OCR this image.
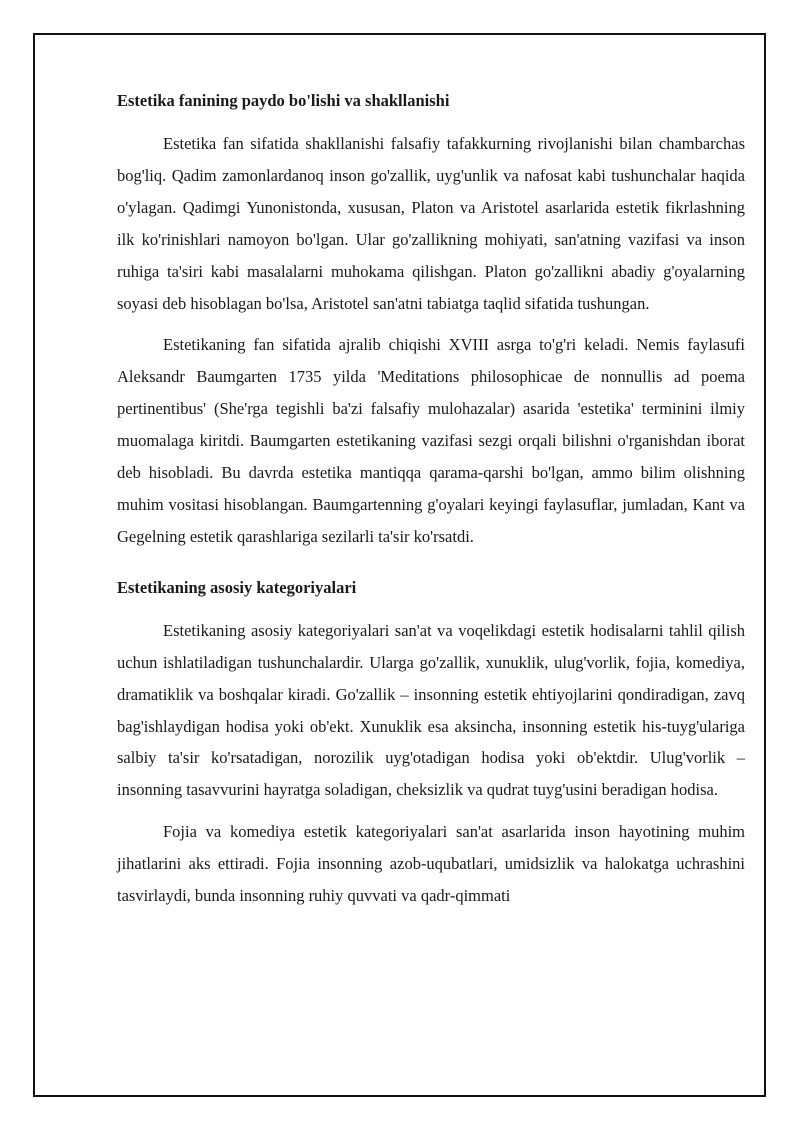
Estetika fanining paydo bo'lishi va shakllanishi

Estetika fan sifatida shakllanishi falsafiy tafakkurning rivojlanishi bilan chambarchas bog'liq. Qadim zamonlardanoq inson go'zallik, uyg'unlik va nafosat kabi tushunchalar haqida o'ylagan. Qadimgi Yunonistonda, xususan, Platon va Aristotel asarlarida estetik fikrlashning ilk ko'rinishlari namoyon bo'lgan. Ular go'zallikning mohiyati, san'atning vazifasi va inson ruhiga ta'siri kabi masalalarni muhokama qilishgan. Platon go'zallikni abadiy g'oyalarning soyasi deb hisoblagan bo'lsa, Aristotel san'atni tabiatga taqlid sifatida tushungan.

Estetikaning fan sifatida ajralib chiqishi XVIII asrga to'g'ri keladi. Nemis faylasufi Aleksandr Baumgarten 1735 yilda 'Meditations philosophicae de nonnullis ad poema pertinentibus' (She'rga tegishli ba'zi falsafiy mulohazalar) asarida 'estetika' terminini ilmiy muomalaga kiritdi. Baumgarten estetikaning vazifasi sezgi orqali bilishni o'rganishdan iborat deb hisobladi. Bu davrda estetika mantiqqa qarama-qarshi bo'lgan, ammo bilim olishning muhim vositasi hisoblangan. Baumgartenning g'oyalari keyingi faylasuflar, jumladan, Kant va Gegelning estetik qarashlariga sezilarli ta'sir ko'rsatdi.

Estetikaning asosiy kategoriyalari

Estetikaning asosiy kategoriyalari san'at va voqelikdagi estetik hodisalarni tahlil qilish uchun ishlatiladigan tushunchalardir. Ularga go'zallik, xunuklik, ulug'vorlik, fojia, komediya, dramatiklik va boshqalar kiradi. Go'zallik – insonning estetik ehtiyojlarini qondiradigan, zavq bag'ishlaydigan hodisa yoki ob'ekt. Xunuklik esa aksincha, insonning estetik his-tuyg'ulariga salbiy ta'sir ko'rsatadigan, norozilik uyg'otadigan hodisa yoki ob'ektdir. Ulug'vorlik – insonning tasavvurini hayratga soladigan, cheksizlik va qudrat tuyg'usini beradigan hodisa.

Fojia va komediya estetik kategoriyalari san'at asarlarida inson hayotining muhim jihatlarini aks ettiradi. Fojia insonning azob-uqubatlari, umidsizlik va halokatga uchrashini tasvirlaydi, bunda insonning ruhiy quvvati va qadr-qimmati
